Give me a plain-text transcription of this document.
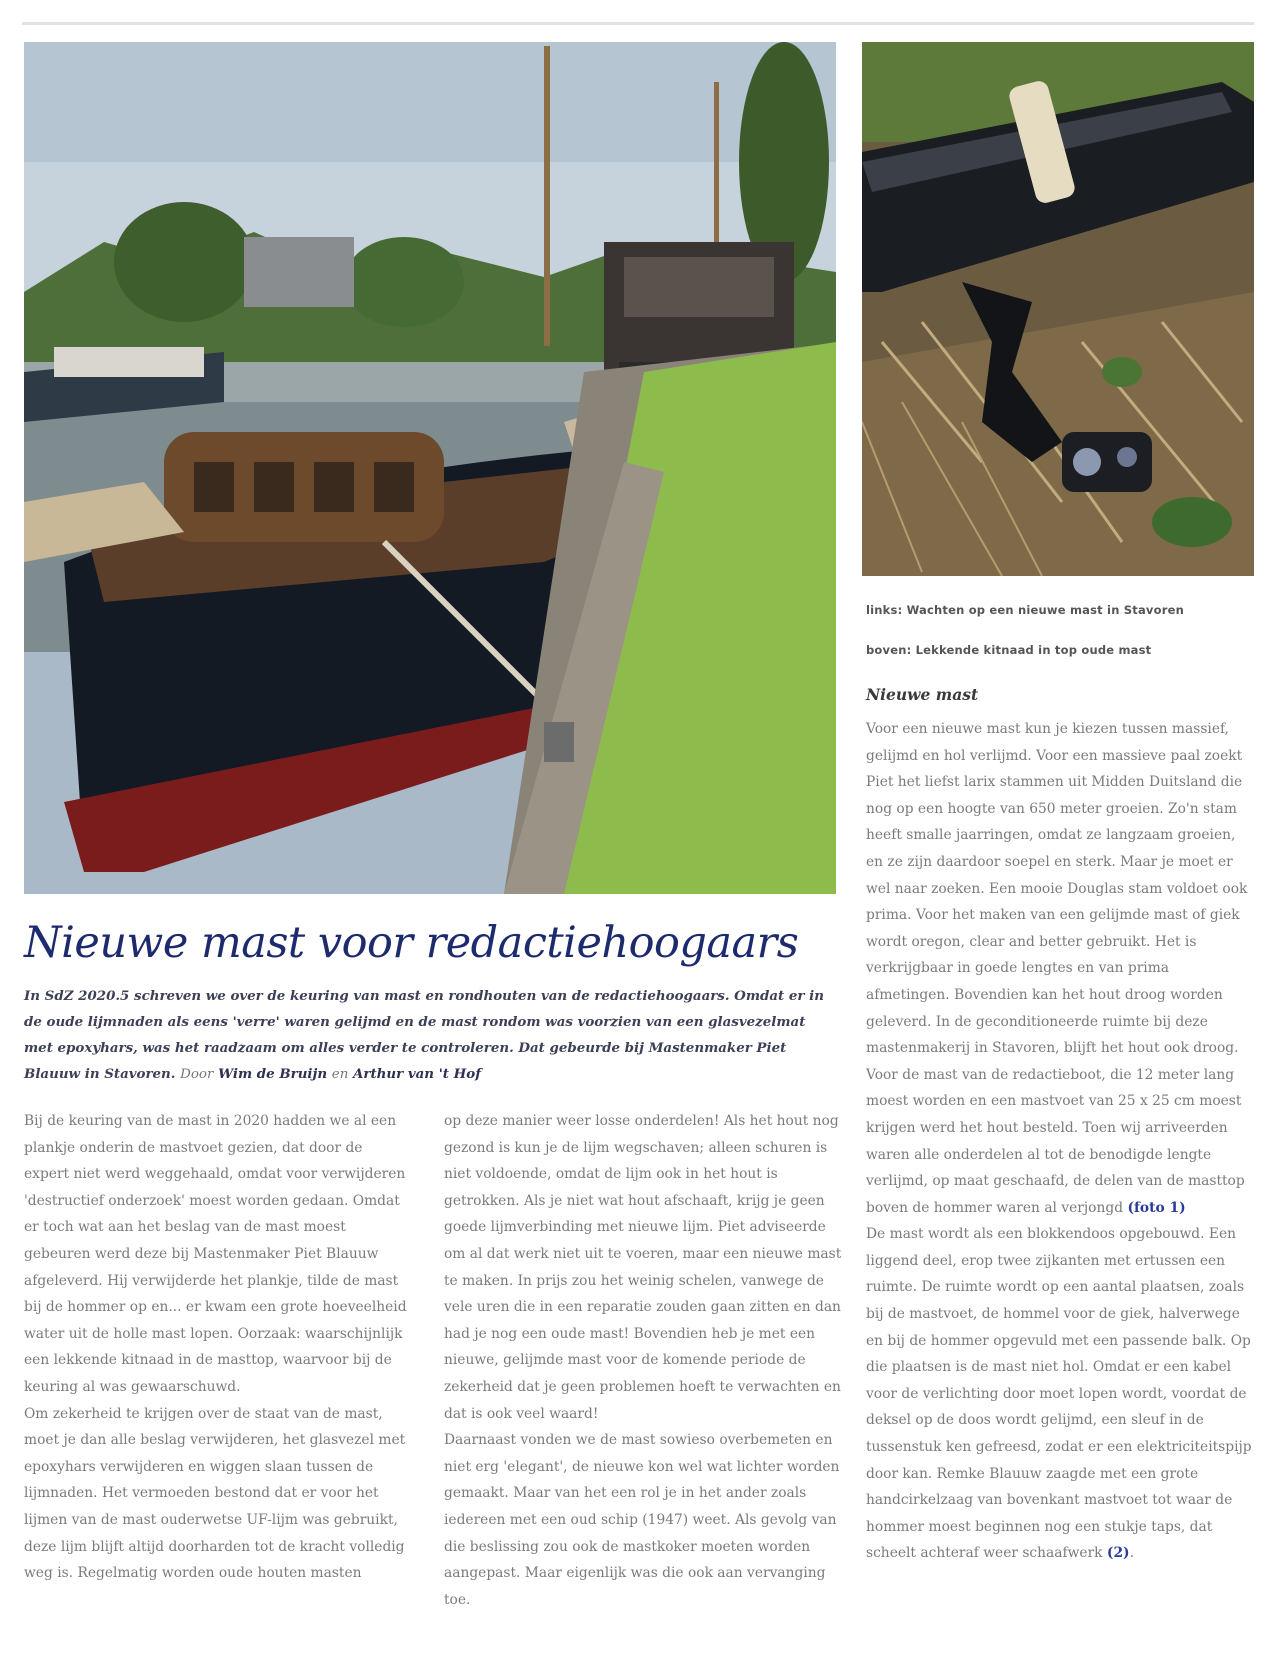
links: Wachten op een nieuwe mast in Stavoren
boven: Lekkende kitnaad in top oude mast
Nieuwe mast voor redactiehoogaars
In SdZ 2020.5 schreven we over de keuring van mast en rondhouten van de redactiehoogaars. Omdat er in de oude lijmnaden als eens 'verre' waren gelijmd en de mast rondom was voorzien van een glasvezelmat met epoxyhars, was het raadzaam om alles verder te controleren. Dat gebeurde bij Mastenmaker Piet Blauuw in Stavoren. Door Wim de Bruijn en Arthur van 't Hof

Bij de keuring van de mast in 2020 hadden we al een plankje onderin de mastvoet gezien, dat door de expert niet werd weggehaald, omdat voor verwijderen 'destructief onderzoek' moest worden gedaan. Omdat er toch wat aan het beslag van de mast moest gebeuren werd deze bij Mastenmaker Piet Blauuw afgeleverd. Hij verwijderde het plankje, tilde de mast bij de hommer op en... er kwam een grote hoeveelheid water uit de holle mast lopen. Oorzaak: waarschijnlijk een lekkende kitnaad in de masttop, waarvoor bij de keuring al was gewaarschuwd.

Om zekerheid te krijgen over de staat van de mast, moet je dan alle beslag verwijderen, het glasvezel met epoxyhars verwijderen en wiggen slaan tussen de lijmnaden. Het vermoeden bestond dat er voor het lijmen van de mast ouderwetse UF-lijm was gebruikt, deze lijm blijft altijd doorharden tot de kracht volledig weg is. Regelmatig worden oude houten masten

op deze manier weer losse onderdelen! Als het hout nog gezond is kun je de lijm wegschaven; alleen schuren is niet voldoende, omdat de lijm ook in het hout is getrokken. Als je niet wat hout afschaaft, krijg je geen goede lijmverbinding met nieuwe lijm. Piet adviseerde om al dat werk niet uit te voeren, maar een nieuwe mast te maken. In prijs zou het weinig schelen, vanwege de vele uren die in een reparatie zouden gaan zitten en dan had je nog een oude mast! Bovendien heb je met een nieuwe, gelijmde mast voor de komende periode de zekerheid dat je geen problemen hoeft te verwachten en dat is ook veel waard!

Daarnaast vonden we de mast sowieso overbemeten en niet erg 'elegant', de nieuwe kon wel wat lichter worden gemaakt. Maar van het een rol je in het ander zoals iedereen met een oud schip (1947) weet. Als gevolg van die beslissing zou ook de mastkoker moeten worden aangepast. Maar eigenlijk was die ook aan vervanging toe.

Nieuwe mast

Voor een nieuwe mast kun je kiezen tussen massief, gelijmd en hol verlijmd. Voor een massieve paal zoekt Piet het liefst larix stammen uit Midden Duitsland die nog op een hoogte van 650 meter groeien. Zo'n stam heeft smalle jaarringen, omdat ze langzaam groeien, en ze zijn daardoor soepel en sterk. Maar je moet er wel naar zoeken. Een mooie Douglas stam voldoet ook prima. Voor het maken van een gelijmde mast of giek wordt oregon, clear and better gebruikt. Het is verkrijgbaar in goede lengtes en van prima afmetingen. Bovendien kan het hout droog worden geleverd. In de geconditioneerde ruimte bij deze mastenmakerij in Stavoren, blijft het hout ook droog. Voor de mast van de redactieboot, die 12 meter lang moest worden en een mastvoet van 25 x 25 cm moest krijgen werd het hout besteld. Toen wij arriveerden waren alle onderdelen al tot de benodigde lengte verlijmd, op maat geschaafd, de delen van de masttop boven de hommer waren al verjongd (foto 1)

De mast wordt als een blokkendoos opgebouwd. Een liggend deel, erop twee zijkanten met ertussen een ruimte. De ruimte wordt op een aantal plaatsen, zoals bij de mastvoet, de hommel voor de giek, halverwege en bij de hommer opgevuld met een passende balk. Op die plaatsen is de mast niet hol. Omdat er een kabel voor de verlichting door moet lopen wordt, voordat de deksel op de doos wordt gelijmd, een sleuf in de tussenstuk ken gefreesd, zodat er een elektriciteitspijp door kan. Remke Blauuw zaagde met een grote handcirkelzaag van bovenkant mastvoet tot waar de hommer moest beginnen nog een stukje taps, dat scheelt achteraf weer schaafwerk (2).
